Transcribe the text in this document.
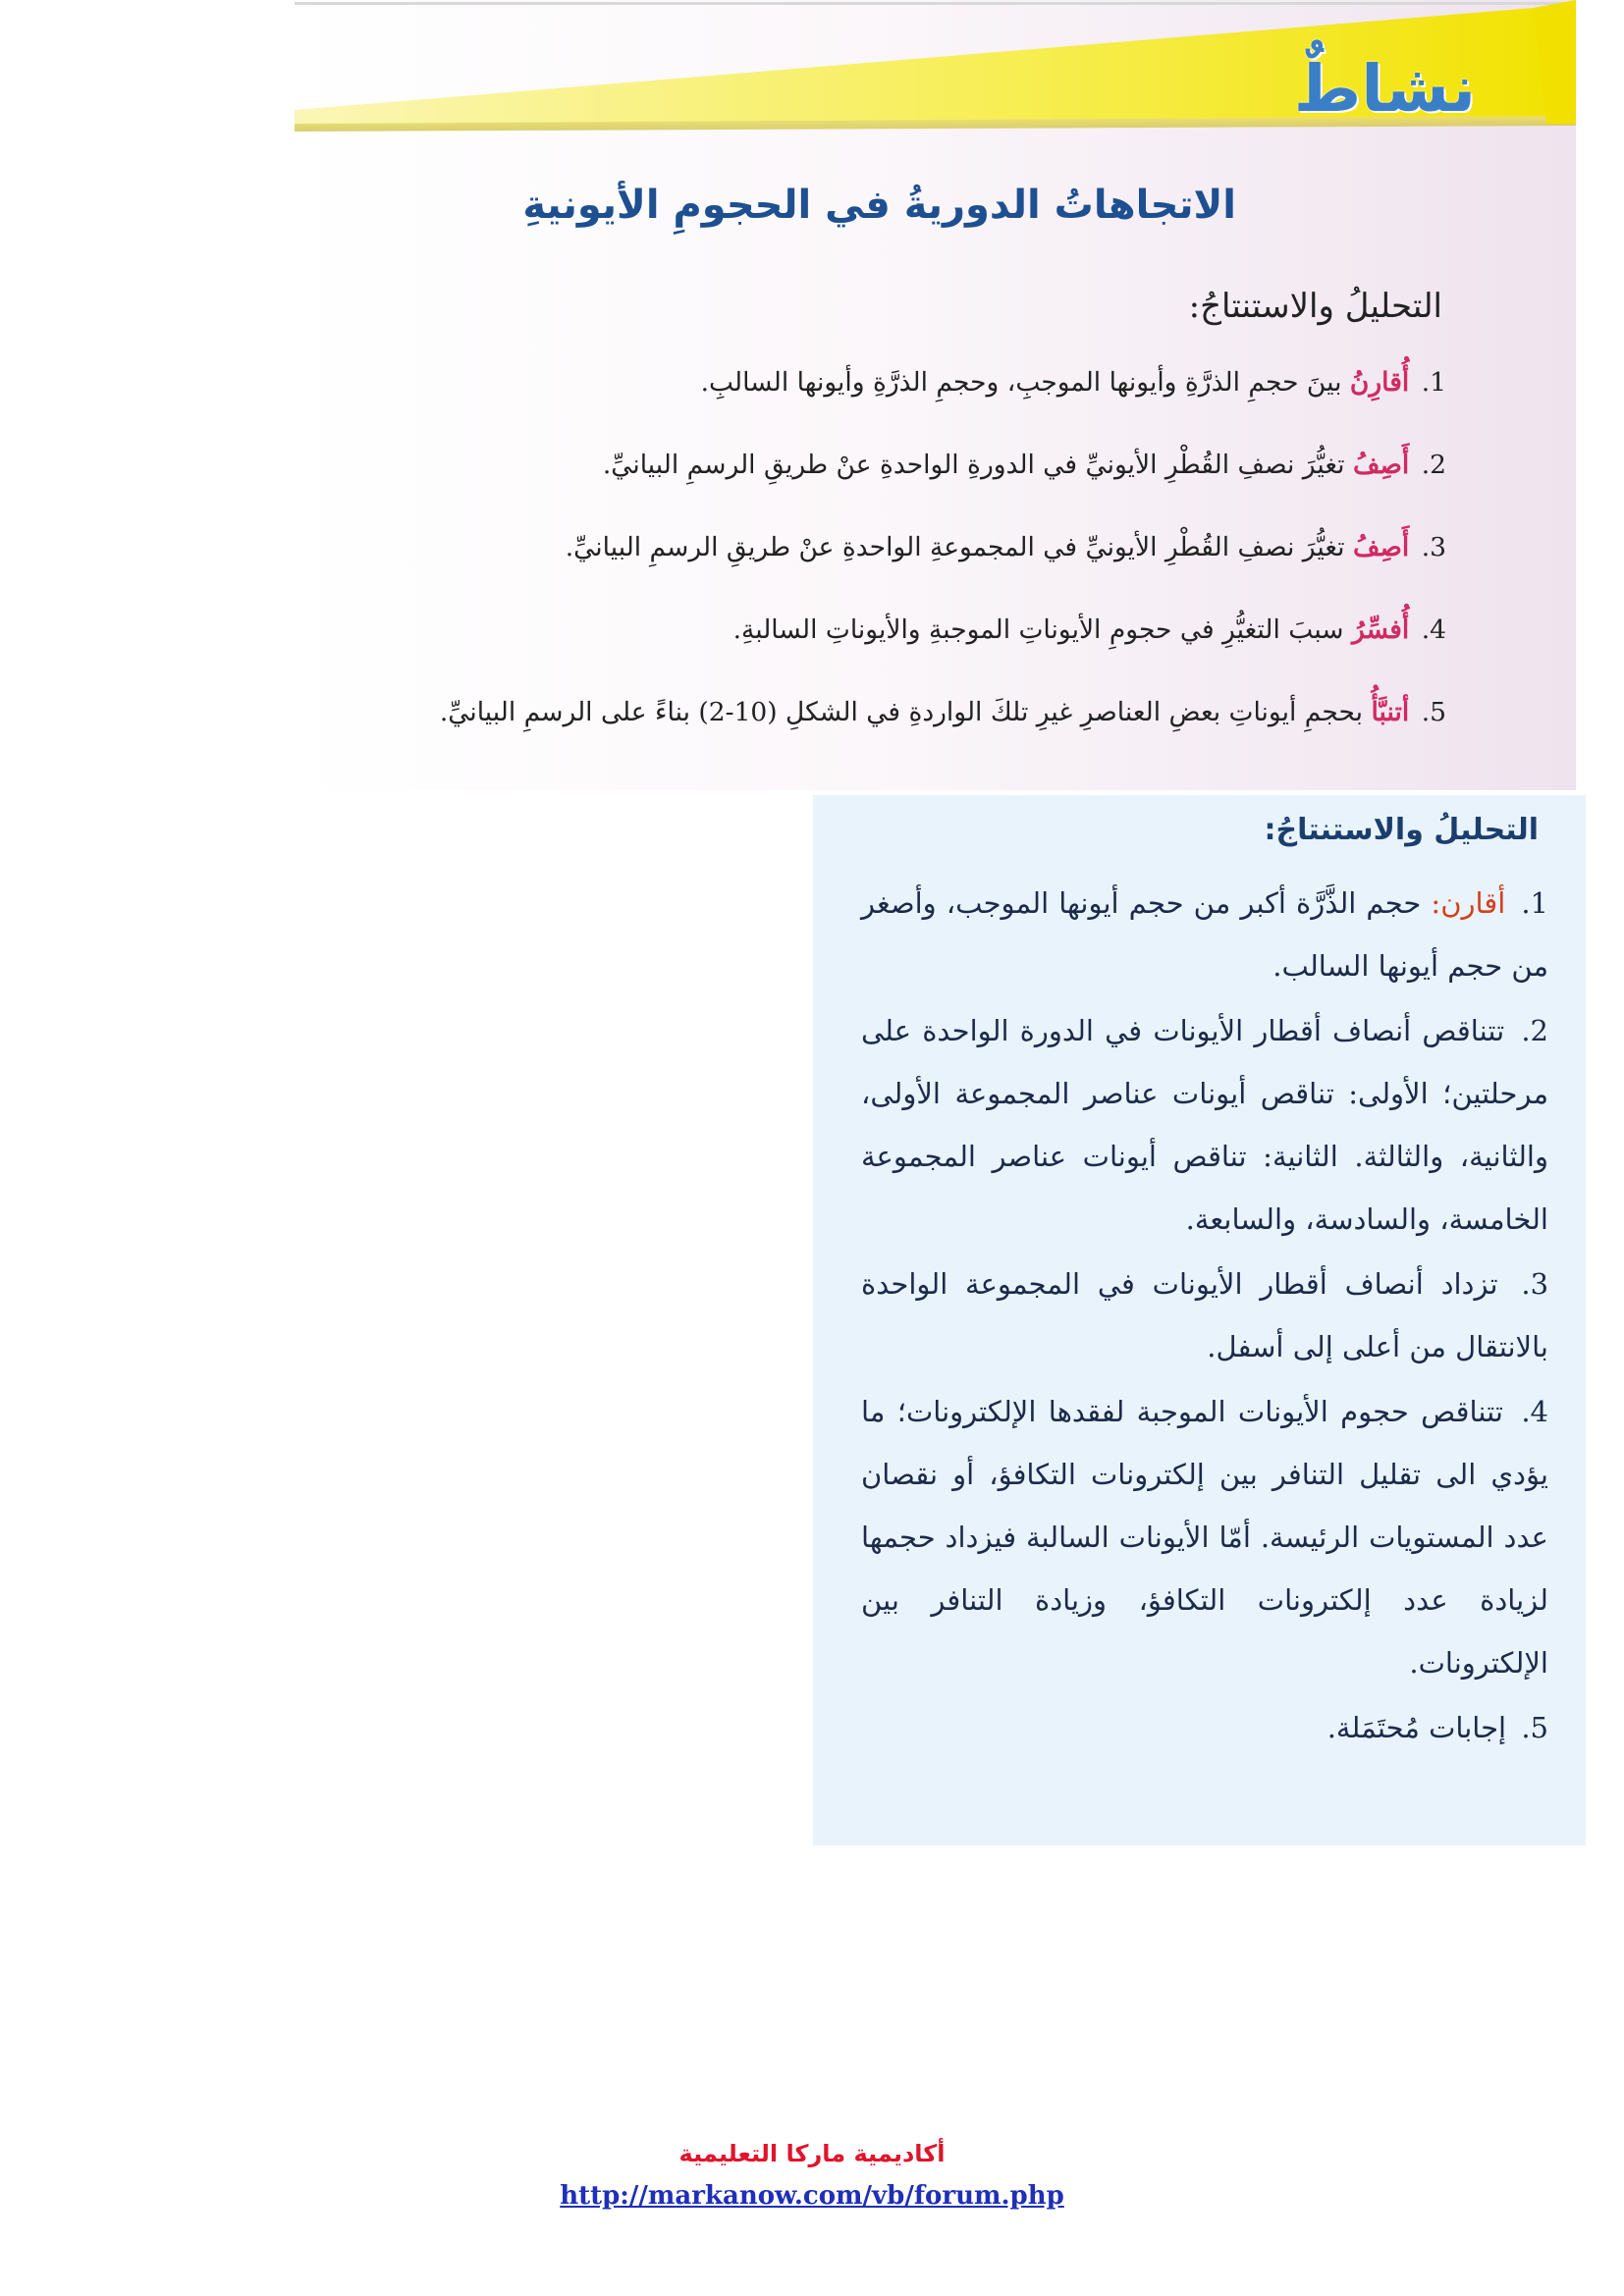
نشاطٌ
الاتجاهاتُ الدوريةُ في الحجومِ الأيونيةِ
التحليلُ والاستنتاجُ:
1. أُقارِنُ بينَ حجمِ الذرَّةِ وأيونها الموجبِ، وحجمِ الذرَّةِ وأيونها السالبِ.
2. أَصِفُ تغيُّرَ نصفِ القُطْرِ الأيونيِّ في الدورةِ الواحدةِ عنْ طريقِ الرسمِ البيانيِّ.
3. أَصِفُ تغيُّرَ نصفِ القُطْرِ الأيونيِّ في المجموعةِ الواحدةِ عنْ طريقِ الرسمِ البيانيِّ.
4. أُفسِّرُ سببَ التغيُّرِ في حجومِ الأيوناتِ الموجبةِ والأيوناتِ السالبةِ.
5. أتنبَّأُ بحجمِ أيوناتِ بعضِ العناصرِ غيرِ تلكَ الواردةِ في الشكلِ (10-2) بناءً على الرسمِ البيانيِّ.
التحليلُ والاستنتاجُ:
1. أقارن: حجم الذَّرَّة أكبر من حجم أيونها الموجب، وأصغر من حجم أيونها السالب.
2. تتناقص أنصاف أقطار الأيونات في الدورة الواحدة على مرحلتين؛ الأولى: تناقص أيونات عناصر المجموعة الأولى، والثانية، والثالثة. الثانية: تناقص أيونات عناصر المجموعة الخامسة، والسادسة، والسابعة.
3. تزداد أنصاف أقطار الأيونات في المجموعة الواحدة بالانتقال من أعلى إلى أسفل.
4. تتناقص حجوم الأيونات الموجبة لفقدها الإلكترونات؛ ما يؤدي الى تقليل التنافر بين إلكترونات التكافؤ، أو نقصان عدد المستويات الرئيسة. أمّا الأيونات السالبة فيزداد حجمها لزيادة عدد إلكترونات التكافؤ، وزيادة التنافر بين الإلكترونات.
5. إجابات مُحتَمَلة.

أكاديمية ماركا التعليمية

http://markanow.com/vb/forum.php
